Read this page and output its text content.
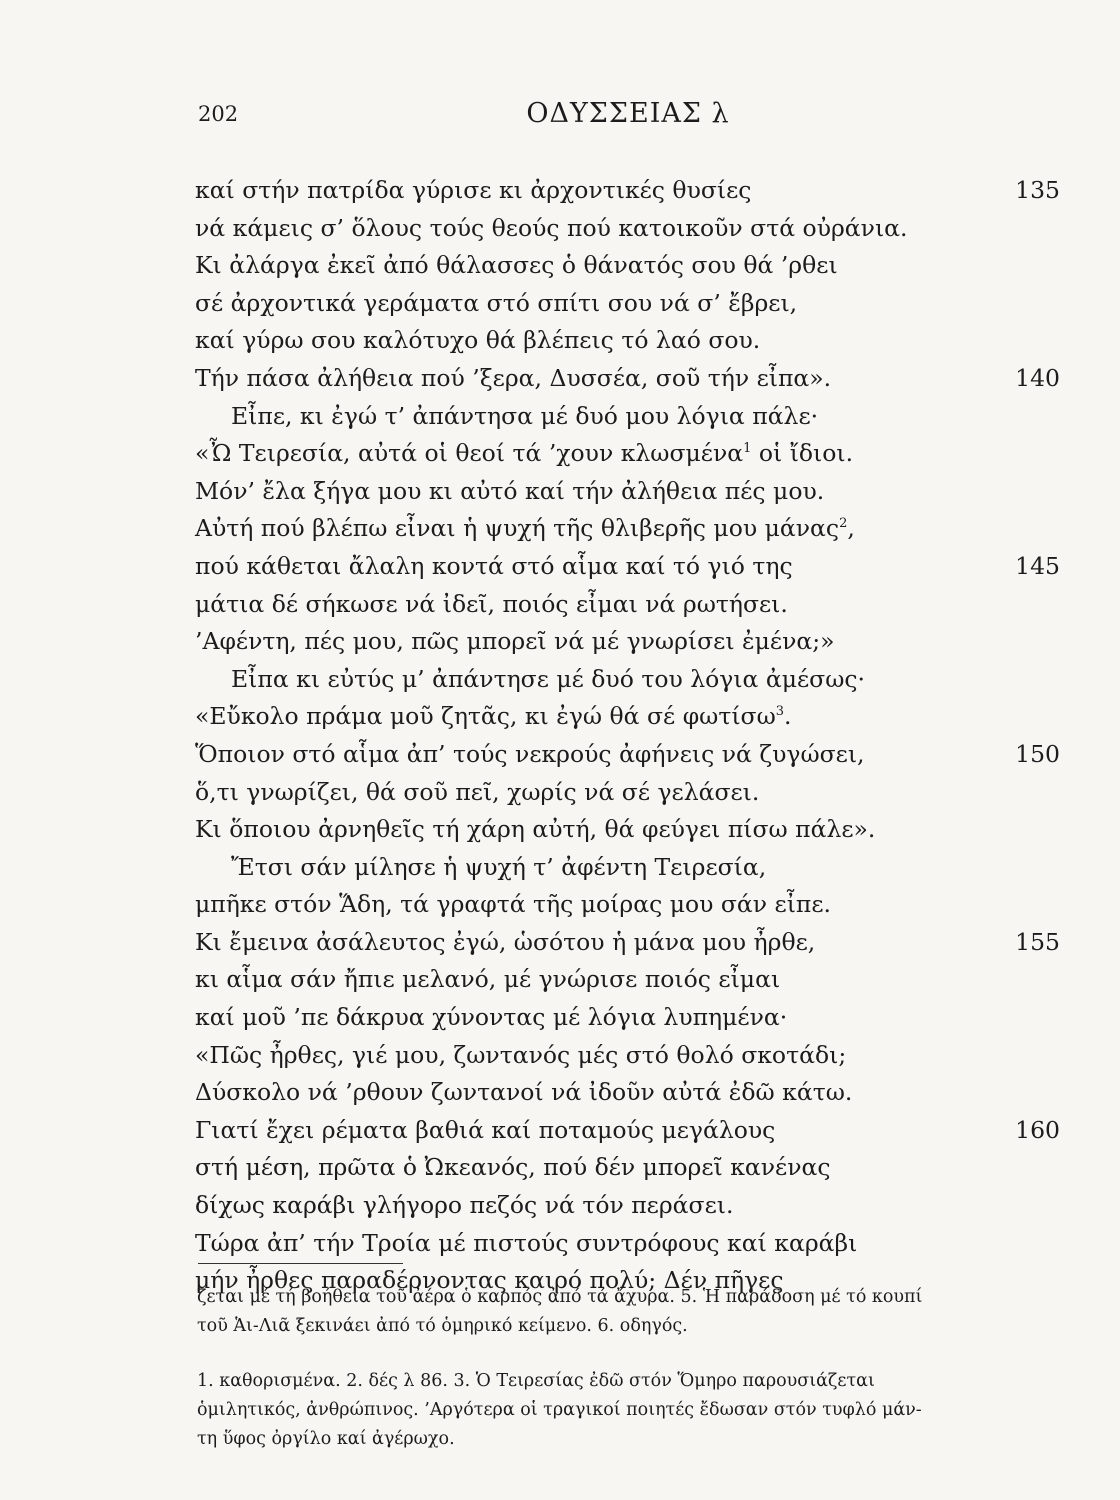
202	ΟΔΥΣΣΕΙΑΣ λ
καί στήν πατρίδα γύρισε κι ἀρχοντικές θυσίες	135
νά κάμεις σ’ ὅλους τούς θεούς πού κατοικοῦν στά οὐράνια.
Κι ἀλάργα ἐκεῖ ἀπό θάλασσες ὁ θάνατός σου θά ’ρθει
σέ ἀρχοντικά γεράματα στό σπίτι σου νά σ’ ἔβρει,
καί γύρω σου καλότυχο θά βλέπεις τό λαό σου.
Τήν πάσα ἀλήθεια πού ’ξερα, Δυσσέα, σοῦ τήν εἶπα».	140
Εἶπε, κι ἐγώ τ’ ἀπάντησα μέ δυό μου λόγια πάλε·
«Ὦ Τειρεσία, αὐτά οἱ θεοί τά ’χουν κλωσμένα$^1$ οἱ ἴδιοι.
Μόν’ ἔλα ξήγα μου κι αὐτό καί τήν ἀλήθεια πές μου.
Αὐτή πού βλέπω εἶναι ἡ ψυχή τῆς θλιβερῆς μου μάνας$^2$,
πού κάθεται ἄλαλη κοντά στό αἷμα καί τό γιό της	145
μάτια δέ σήκωσε νά ἰδεῖ, ποιός εἶμαι νά ρωτήσει.
’Αφέντη, πές μου, πῶς μπορεῖ νά μέ γνωρίσει ἐμένα;»
Εἶπα κι εὐτύς μ’ ἀπάντησε μέ δυό του λόγια ἀμέσως·
«Εὔκολο πράμα μοῦ ζητᾶς, κι ἐγώ θά σέ φωτίσω$^3$.
Ὅποιον στό αἷμα ἀπ’ τούς νεκρούς ἀφήνεις νά ζυγώσει,	150
ὅ,τι γνωρίζει, θά σοῦ πεῖ, χωρίς νά σέ γελάσει.
Κι ὅποιου ἀρνηθεῖς τή χάρη αὐτή, θά φεύγει πίσω πάλε».
Ἔτσι σάν μίλησε ἡ ψυχή τ’ ἀφέντη Τειρεσία,
μπῆκε στόν Ἅδη, τά γραφτά τῆς μοίρας μου σάν εἶπε.
Κι ἔμεινα ἀσάλευτος ἐγώ, ὡσότου ἡ μάνα μου ἦρθε,	155
κι αἷμα σάν ἤπιε μελανό, μέ γνώρισε ποιός εἶμαι
καί μοῦ ’πε δάκρυα χύνοντας μέ λόγια λυπημένα·
«Πῶς ἦρθες, γιέ μου, ζωντανός μές στό θολό σκοτάδι;
Δύσκολο νά ’ρθουν ζωντανοί νά ἰδοῦν αὐτά ἐδῶ κάτω.
Γιατί ἔχει ρέματα βαθιά καί ποταμούς μεγάλους	160
στή μέση, πρῶτα ὁ Ὠκεανός, πού δέν μπορεῖ κανένας
δίχως καράβι γλήγορο πεζός νά τόν περάσει.
Τώρα ἀπ’ τήν Τροία μέ πιστούς συντρόφους καί καράβι
μήν ἦρθες παραδέρνοντας καιρό πολύ; Δέν πῆγες
ζεται μέ τή βοήθεια τοῦ ἀέρα ὁ καρπός ἀπό τά ἄχυρα. 5. Ἡ παράδοση μέ τό κουπί
τοῦ Ἁι-Λιᾶ ξεκινάει ἀπό τό ὁμηρικό κείμενο. 6. οδηγός.
1. καθορισμένα. 2. δές λ 86. 3. Ὁ Τειρεσίας ἐδῶ στόν Ὅμηρο παρουσιάζεται
ὁμιλητικός, ἀνθρώπινος. ’Αργότερα οἱ τραγικοί ποιητές ἔδωσαν στόν τυφλό μάν-
τη ὕφος ὀργίλο καί ἀγέρωχο.
